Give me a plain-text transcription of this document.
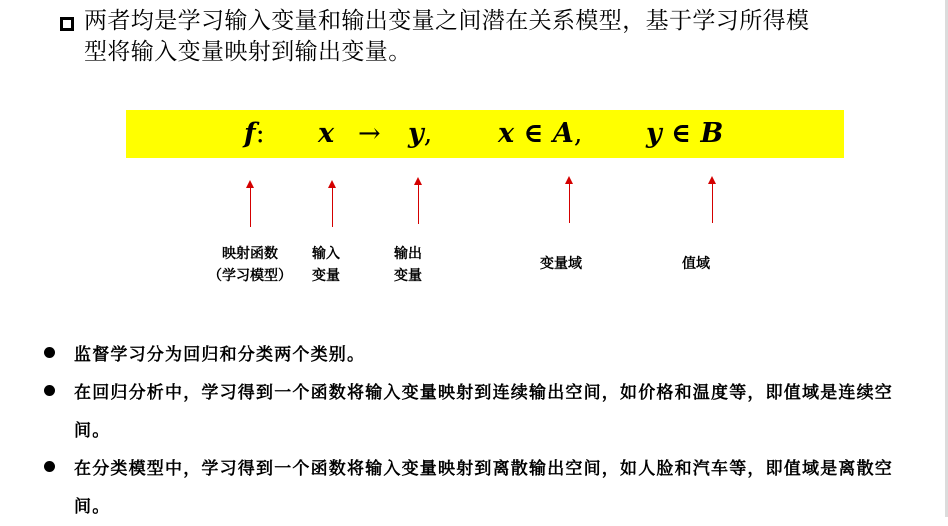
两者均是学习输入变量和输出变量之间潜在关系模型，基于学习所得模
型将输入变量映射到输出变量。
f: x → y, x ∈ A, y ∈ B
映射函数
（学习模型）
输入
变量
输出
变量
变量域	值域

监督学习分为回归和分类两个类别。

在回归分析中，学习得到一个函数将输入变量映射到连续输出空间，如价格和温度等，即值域是连续空间。

在分类模型中，学习得到一个函数将输入变量映射到离散输出空间，如人脸和汽车等，即值域是离散空间。
